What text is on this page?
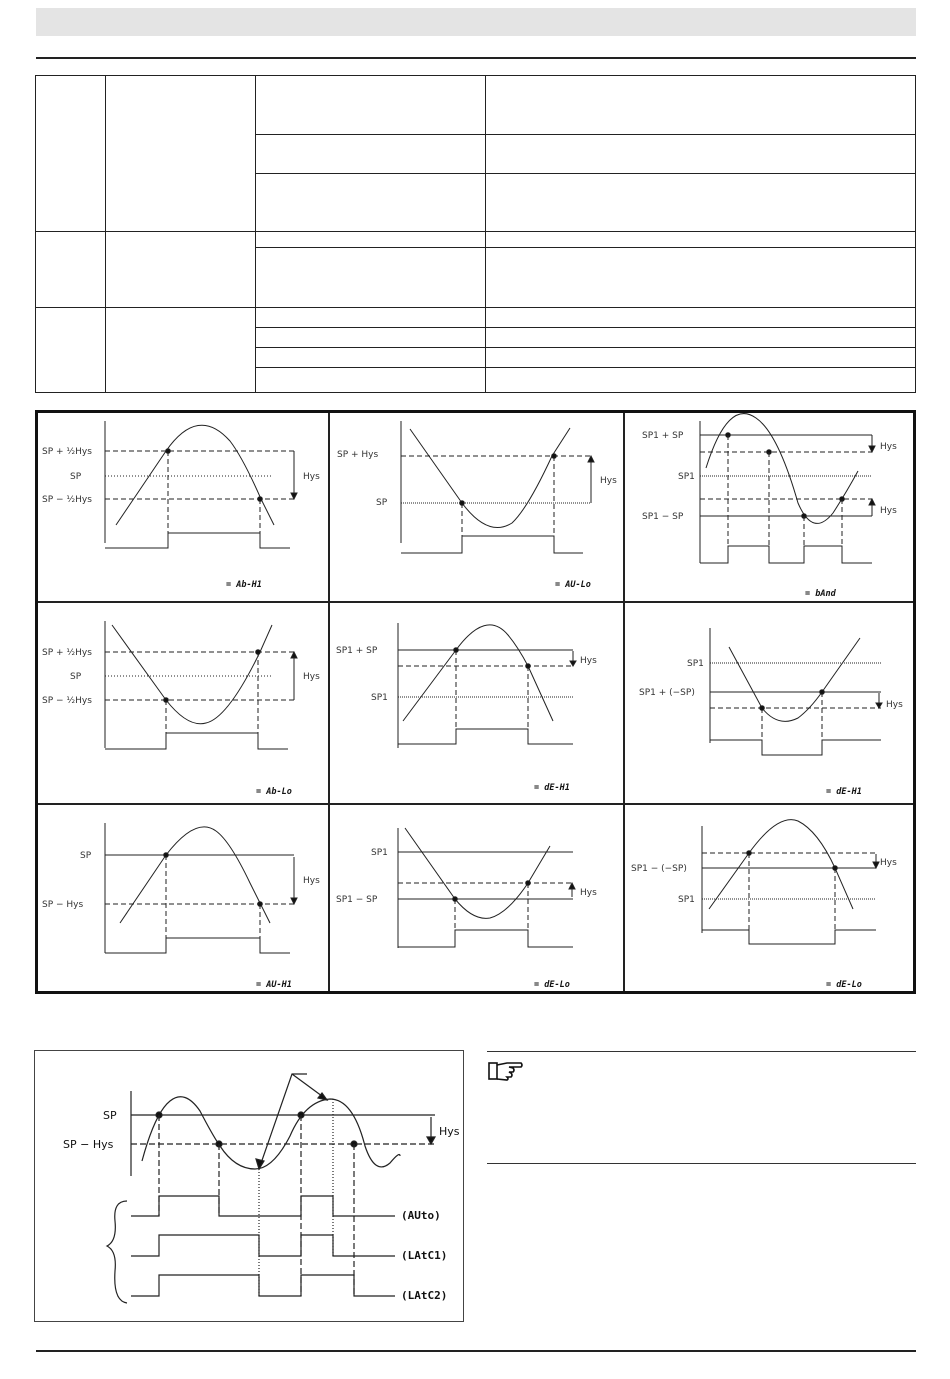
SP + ½Hys
SP
SP − ½Hys
Hys
= Ab-H1
SP + Hys
SP
Hys
= AU-Lo
SP1 + SP
SP1
SP1 − SP
Hys
Hys
= bAnd
SP + ½Hys
SP
SP − ½Hys
Hys
= Ab-Lo
SP1 + SP
SP1
Hys
= dE-H1
SP1
SP1 + (−SP)
Hys
= dE-H1
SP
SP − Hys
Hys
= AU-H1
SP1
SP1 − SP
Hys
= dE-Lo
SP1 − (−SP)
SP1
Hys
= dE-Lo
Hys
SP
SP − Hys
(AUto)
(LAtC1)
(LAtC2)
